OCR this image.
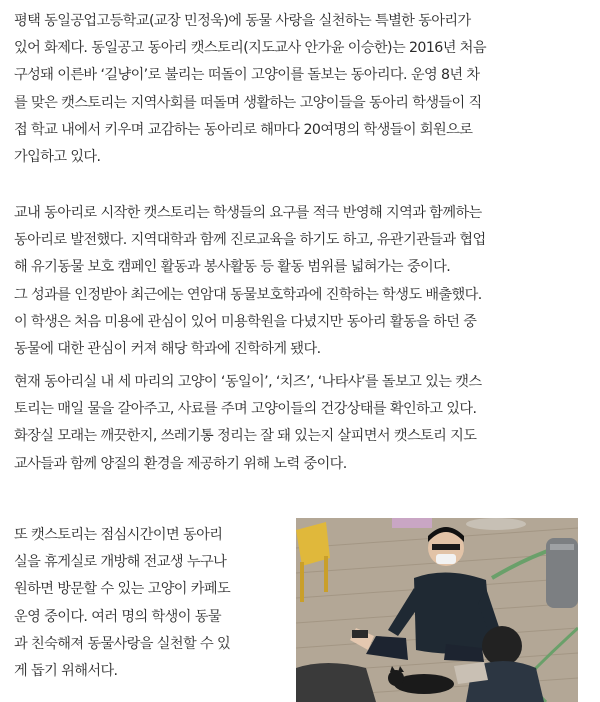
평택 동일공업고등학교(교장 민정욱)에 동물 사랑을 실천하는 특별한 동아리가
있어 화제다. 동일공고 동아리 캣스토리(지도교사 안가윤 이승한)는 2016년 처음
구성돼 이른바 ‘길냥이’로 불리는 떠돌이 고양이를 돌보는 동아리다. 운영 8년 차
를 맞은 캣스토리는 지역사회를 떠돌며 생활하는 고양이들을 동아리 학생들이 직
접 학교 내에서 키우며 교감하는 동아리로 해마다 20여명의 학생들이 회원으로
가입하고 있다.

교내 동아리로 시작한 캣스토리는 학생들의 요구를 적극 반영해 지역과 함께하는
동아리로 발전했다. 지역대학과 함께 진로교육을 하기도 하고, 유관기관들과 협업
해 유기동물 보호 캠페인 활동과 봉사활동 등 활동 범위를 넓혀가는 중이다.
그 성과를 인정받아 최근에는 연암대 동물보호학과에 진학하는 학생도 배출했다.
이 학생은 처음 미용에 관심이 있어 미용학원을 다녔지만 동아리 활동을 하던 중
동물에 대한 관심이 커져 해당 학과에 진학하게 됐다.

현재 동아리실 내 세 마리의 고양이 ‘동일이’, ‘치즈’, ‘나타샤’를 돌보고 있는 캣스
토리는 매일 물을 갈아주고, 사료를 주며 고양이들의 건강상태를 확인하고 있다.
화장실 모래는 깨끗한지, 쓰레기통 정리는 잘 돼 있는지 살피면서 캣스토리 지도
교사들과 함께 양질의 환경을 제공하기 위해 노력 중이다.

또 캣스토리는 점심시간이면 동아리
실을 휴게실로 개방해 전교생 누구나
원하면 방문할 수 있는 고양이 카페도
운영 중이다. 여러 명의 학생이 동물
과 친숙해져 동물사랑을 실천할 수 있
게 돕기 위해서다.
